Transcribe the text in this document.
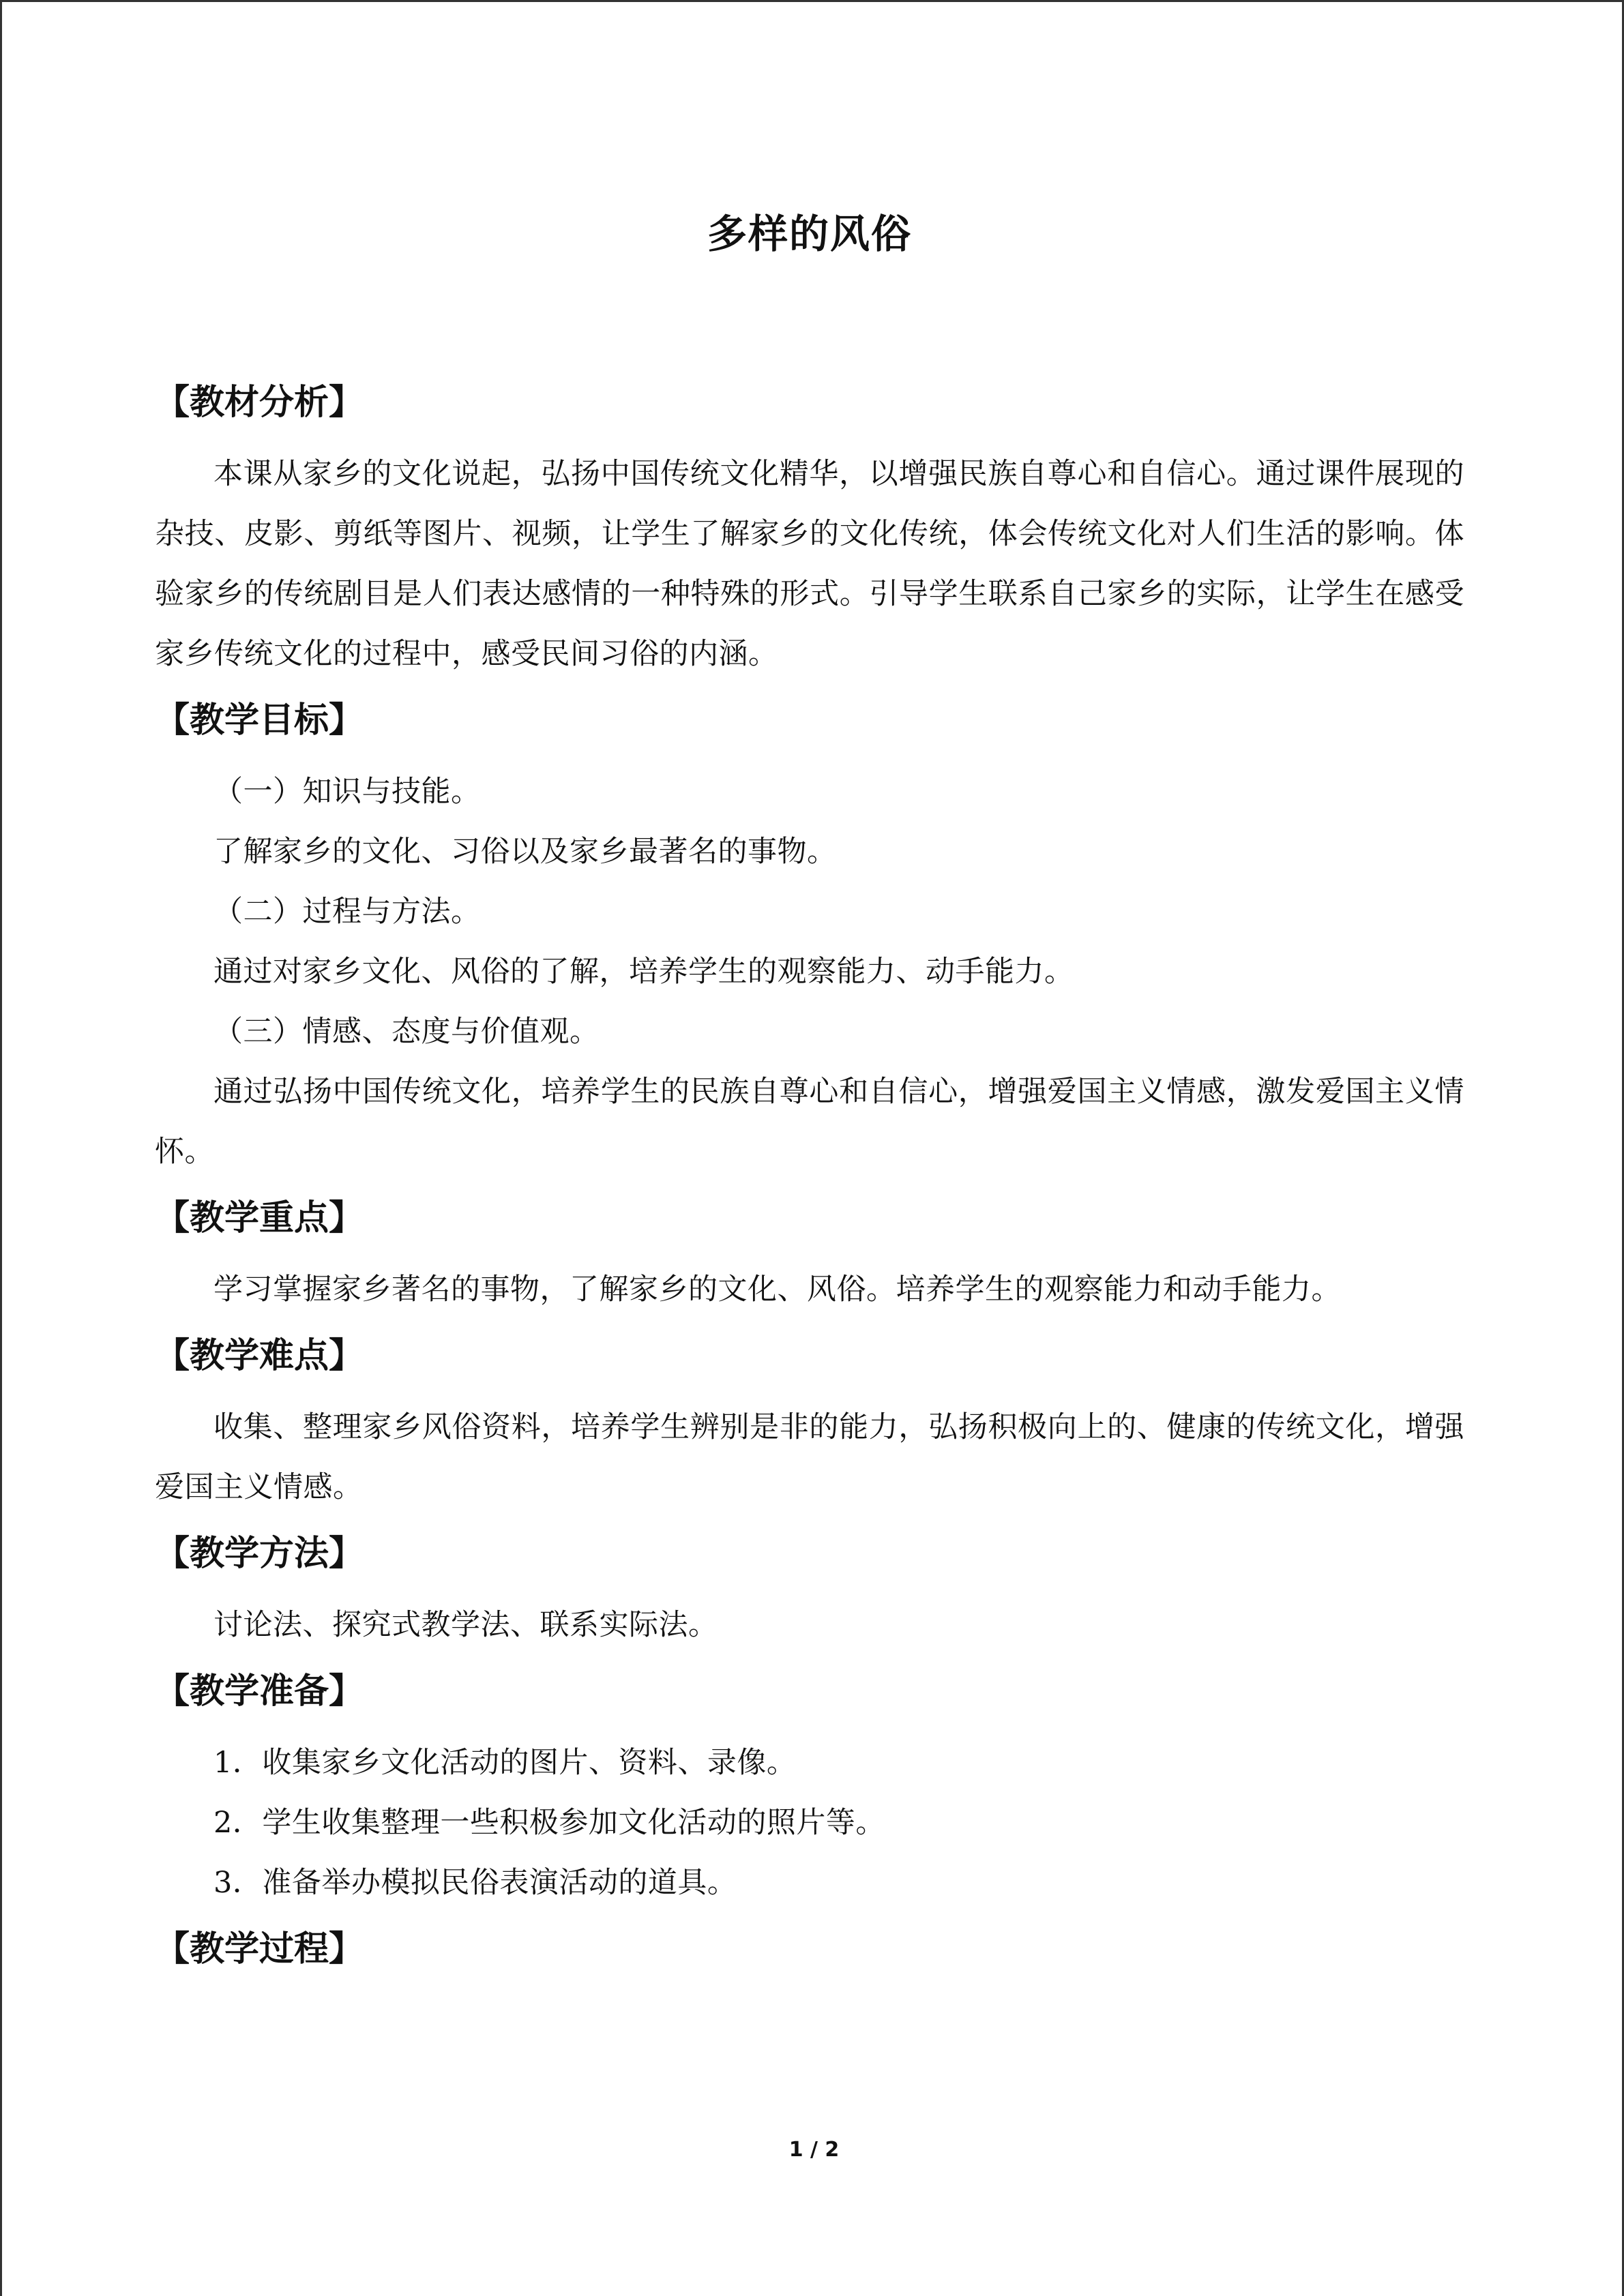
多样的风俗
【教材分析】

本课从家乡的文化说起，弘扬中国传统文化精华，以增强民族自尊心和自信心。通过课件展现的杂技、皮影、剪纸等图片、视频，让学生了解家乡的文化传统，体会传统文化对人们生活的影响。体验家乡的传统剧目是人们表达感情的一种特殊的形式。引导学生联系自己家乡的实际，让学生在感受家乡传统文化的过程中，感受民间习俗的内涵。

【教学目标】

（一）知识与技能。

了解家乡的文化、习俗以及家乡最著名的事物。

（二）过程与方法。

通过对家乡文化、风俗的了解，培养学生的观察能力、动手能力。

（三）情感、态度与价值观。

通过弘扬中国传统文化，培养学生的民族自尊心和自信心，增强爱国主义情感，激发爱国主义情怀。

【教学重点】

学习掌握家乡著名的事物，了解家乡的文化、风俗。培养学生的观察能力和动手能力。

【教学难点】

收集、整理家乡风俗资料，培养学生辨别是非的能力，弘扬积极向上的、健康的传统文化，增强爱国主义情感。

【教学方法】

讨论法、探究式教学法、联系实际法。

【教学准备】

1．收集家乡文化活动的图片、资料、录像。

2．学生收集整理一些积极参加文化活动的照片等。

3．准备举办模拟民俗表演活动的道具。

【教学过程】
1 / 2
